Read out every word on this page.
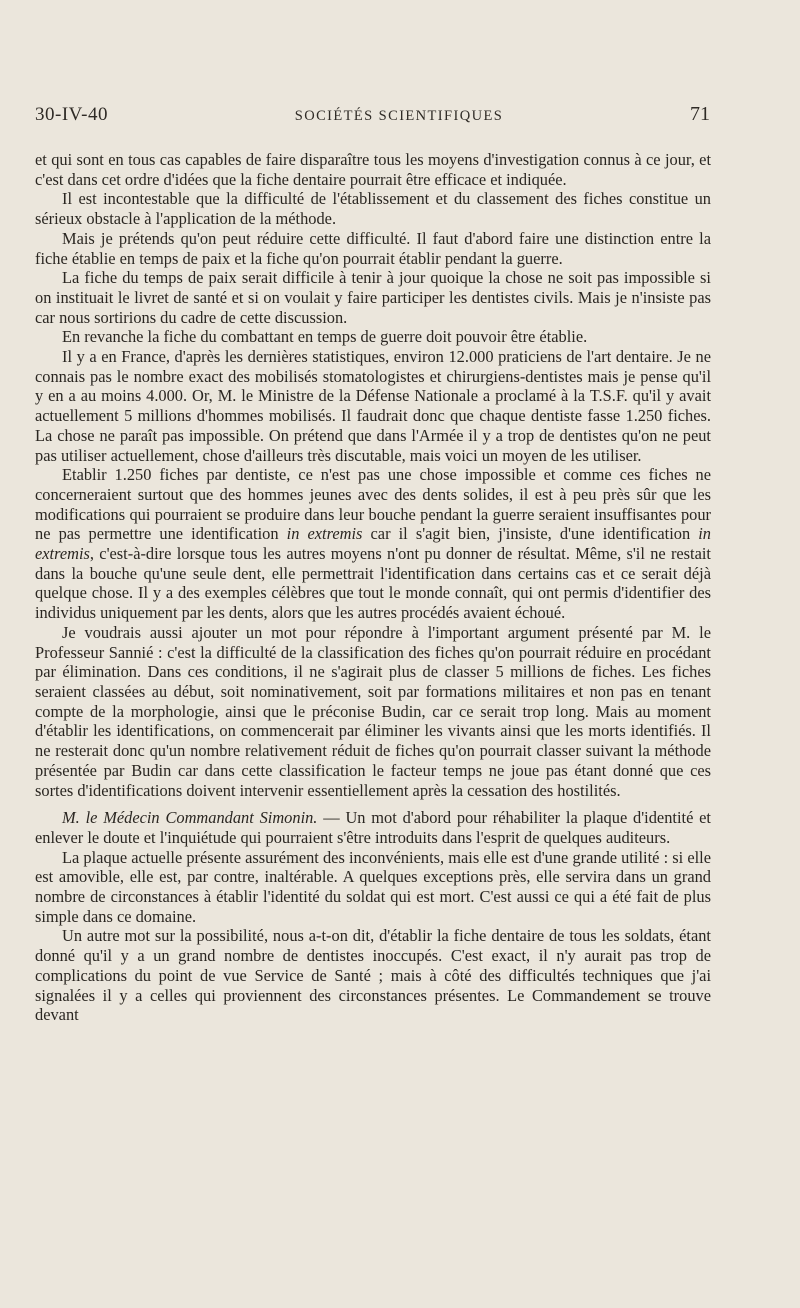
30-IV-40	SOCIÉTÉS SCIENTIFIQUES	71

et qui sont en tous cas capables de faire disparaître tous les moyens d'investigation connus à ce jour, et c'est dans cet ordre d'idées que la fiche dentaire pourrait être efficace et indiquée.

Il est incontestable que la difficulté de l'établissement et du classement des fiches constitue un sérieux obstacle à l'application de la méthode.

Mais je prétends qu'on peut réduire cette difficulté. Il faut d'abord faire une distinction entre la fiche établie en temps de paix et la fiche qu'on pourrait établir pendant la guerre.

La fiche du temps de paix serait difficile à tenir à jour quoique la chose ne soit pas impossible si on instituait le livret de santé et si on voulait y faire participer les dentistes civils. Mais je n'insiste pas car nous sortirions du cadre de cette discussion.

En revanche la fiche du combattant en temps de guerre doit pouvoir être établie.

Il y a en France, d'après les dernières statistiques, environ 12.000 praticiens de l'art dentaire. Je ne connais pas le nombre exact des mobilisés stomatologistes et chirurgiens-dentistes mais je pense qu'il y en a au moins 4.000. Or, M. le Ministre de la Défense Nationale a proclamé à la T.S.F. qu'il y avait actuellement 5 millions d'hommes mobilisés. Il faudrait donc que chaque dentiste fasse 1.250 fiches. La chose ne paraît pas impossible. On prétend que dans l'Armée il y a trop de dentistes qu'on ne peut pas utiliser actuellement, chose d'ailleurs très discutable, mais voici un moyen de les utiliser.

Etablir 1.250 fiches par dentiste, ce n'est pas une chose impossible et comme ces fiches ne concerneraient surtout que des hommes jeunes avec des dents solides, il est à peu près sûr que les modifications qui pourraient se produire dans leur bouche pendant la guerre seraient insuffisantes pour ne pas permettre une identification in extremis car il s'agit bien, j'insiste, d'une identification in extremis, c'est-à-dire lorsque tous les autres moyens n'ont pu donner de résultat. Même, s'il ne restait dans la bouche qu'une seule dent, elle permettrait l'identification dans certains cas et ce serait déjà quelque chose. Il y a des exemples célèbres que tout le monde connaît, qui ont permis d'identifier des individus uniquement par les dents, alors que les autres procédés avaient échoué.

Je voudrais aussi ajouter un mot pour répondre à l'important argument présenté par M. le Professeur Sannié : c'est la difficulté de la classification des fiches qu'on pourrait réduire en procédant par élimination. Dans ces conditions, il ne s'agirait plus de classer 5 millions de fiches. Les fiches seraient classées au début, soit nominativement, soit par formations militaires et non pas en tenant compte de la morphologie, ainsi que le préconise Budin, car ce serait trop long. Mais au moment d'établir les identifications, on commencerait par éliminer les vivants ainsi que les morts identifiés. Il ne resterait donc qu'un nombre relativement réduit de fiches qu'on pourrait classer suivant la méthode présentée par Budin car dans cette classification le facteur temps ne joue pas étant donné que ces sortes d'identifications doivent intervenir essentiellement après la cessation des hostilités.

M. le Médecin Commandant Simonin. — Un mot d'abord pour réhabiliter la plaque d'identité et enlever le doute et l'inquiétude qui pourraient s'être introduits dans l'esprit de quelques auditeurs.

La plaque actuelle présente assurément des inconvénients, mais elle est d'une grande utilité : si elle est amovible, elle est, par contre, inaltérable. A quelques exceptions près, elle servira dans un grand nombre de circonstances à établir l'identité du soldat qui est mort. C'est aussi ce qui a été fait de plus simple dans ce domaine.

Un autre mot sur la possibilité, nous a-t-on dit, d'établir la fiche dentaire de tous les soldats, étant donné qu'il y a un grand nombre de dentistes inoccupés. C'est exact, il n'y aurait pas trop de complications du point de vue Service de Santé ; mais à côté des difficultés techniques que j'ai signalées il y a celles qui proviennent des circonstances présentes. Le Commandement se trouve devant
